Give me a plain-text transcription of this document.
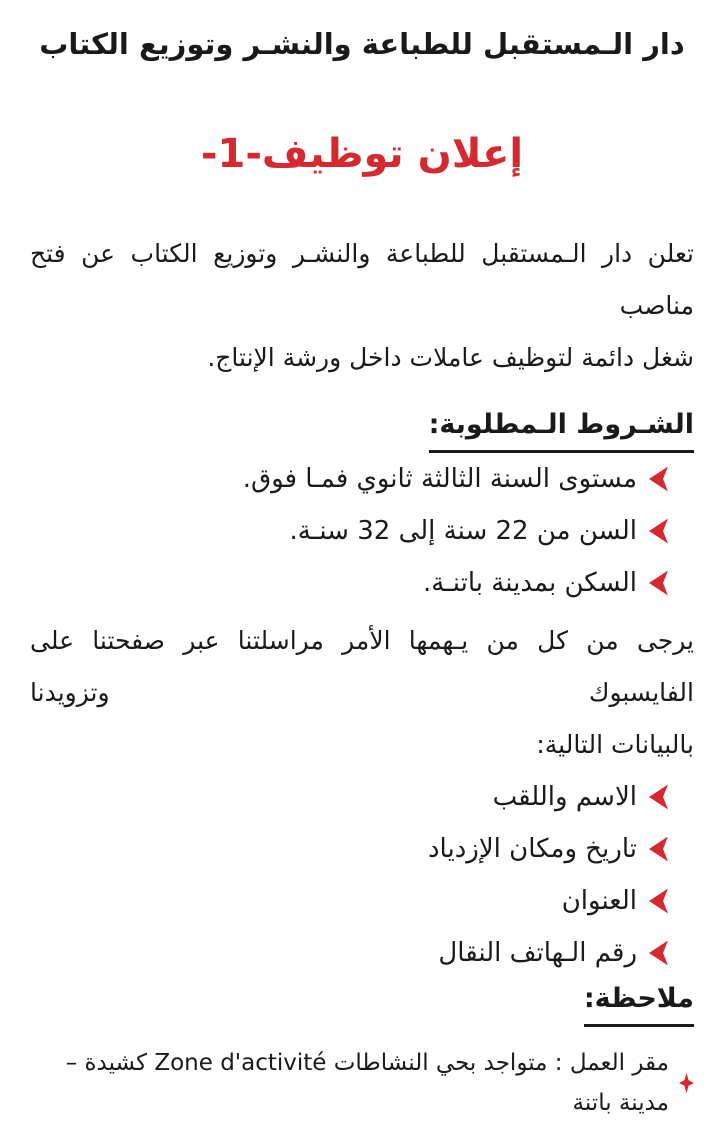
دار الـمستقبل للطباعة والنشـر وتوزيع الكتاب
إعلان توظيف-1-

تعلن دار الـمستقبل للطباعة والنشـر وتوزيع الكتاب عن فتح مناصب
شغل دائمة لتوظيف عاملات داخل ورشة الإنتاج.

الشـروط الـمطلوبة:
مستوى السنة الثالثة ثانوي فمـا فوق.
السن من 22 سنة إلى 32 سنـة.
السكن بمدينة باتنـة.

يرجى من كل من يـهمها الأمر مراسلتنا عبر صفحتنا على الفايسبوك وتزويدنا
بالبيانات التالية:

الاسم واللقب
تاريخ ومكان الإزدياد
العنوان
رقم الـهاتف النقال
ملاحظة:
مقر العمل : متواجد بحي النشاطات Zone d'activité كشيدة – مدينة باتنة
